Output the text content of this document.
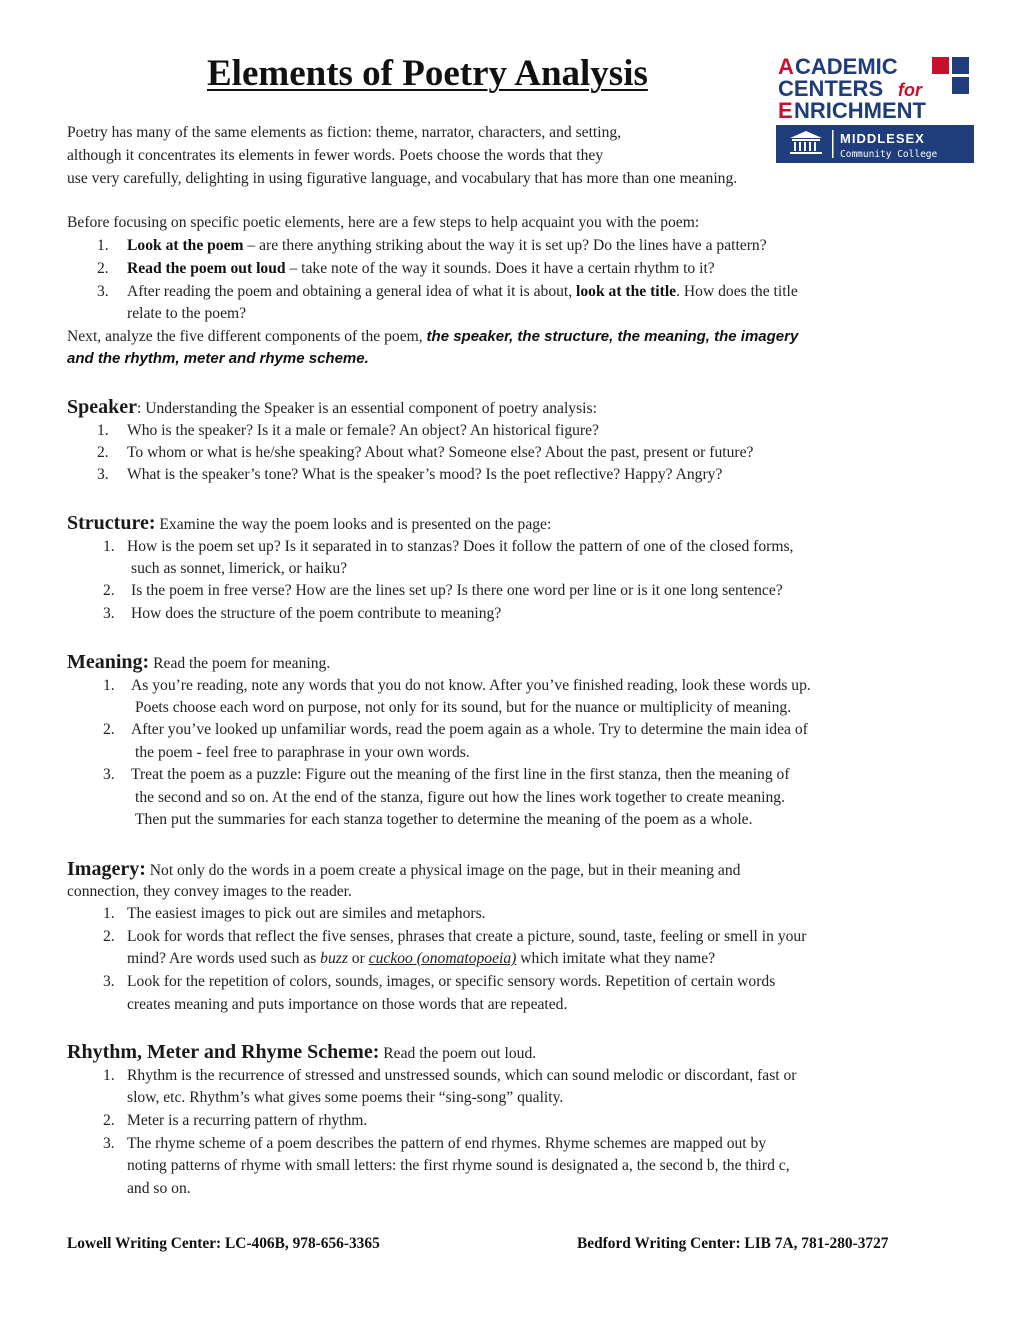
Elements of Poetry Analysis	A CADEMIC
CENTERS for
E NRICHMENT
MIDDLESEX
Community College
Poetry has many of the same elements as fiction: theme, narrator, characters, and setting,
although it concentrates its elements in fewer words. Poets choose the words that they
use very carefully, delighting in using figurative language, and vocabulary that has more than one meaning.
Before focusing on specific poetic elements, here are a few steps to help acquaint you with the poem:
1. Look at the poem – are there anything striking about the way it is set up? Do the lines have a pattern?
2. Read the poem out loud – take note of the way it sounds. Does it have a certain rhythm to it?
3. After reading the poem and obtaining a general idea of what it is about, look at the title. How does the title
relate to the poem?
Next, analyze the five different components of the poem, the speaker, the structure, the meaning, the imagery
and the rhythm, meter and rhyme scheme.
Speaker: Understanding the Speaker is an essential component of poetry analysis:
1. Who is the speaker? Is it a male or female? An object? An historical figure?
2. To whom or what is he/she speaking? About what? Someone else? About the past, present or future?
3. What is the speaker’s tone? What is the speaker’s mood? Is the poet reflective? Happy? Angry?
Structure: Examine the way the poem looks and is presented on the page:
1. How is the poem set up? Is it separated in to stanzas? Does it follow the pattern of one of the closed forms,
such as sonnet, limerick, or haiku?
2. Is the poem in free verse? How are the lines set up? Is there one word per line or is it one long sentence?
3. How does the structure of the poem contribute to meaning?
Meaning: Read the poem for meaning.
1. As you’re reading, note any words that you do not know. After you’ve finished reading, look these words up.
Poets choose each word on purpose, not only for its sound, but for the nuance or multiplicity of meaning.
2. After you’ve looked up unfamiliar words, read the poem again as a whole. Try to determine the main idea of
the poem - feel free to paraphrase in your own words.
3. Treat the poem as a puzzle: Figure out the meaning of the first line in the first stanza, then the meaning of
the second and so on. At the end of the stanza, figure out how the lines work together to create meaning.
Then put the summaries for each stanza together to determine the meaning of the poem as a whole.
Imagery: Not only do the words in a poem create a physical image on the page, but in their meaning and
connection, they convey images to the reader.
1. The easiest images to pick out are similes and metaphors.
2. Look for words that reflect the five senses, phrases that create a picture, sound, taste, feeling or smell in your
mind? Are words used such as buzz or cuckoo (onomatopoeia) which imitate what they name?
3. Look for the repetition of colors, sounds, images, or specific sensory words. Repetition of certain words
creates meaning and puts importance on those words that are repeated.
Rhythm, Meter and Rhyme Scheme: Read the poem out loud.
1. Rhythm is the recurrence of stressed and unstressed sounds, which can sound melodic or discordant, fast or
slow, etc. Rhythm’s what gives some poems their “sing-song” quality.
2. Meter is a recurring pattern of rhythm.
3. The rhyme scheme of a poem describes the pattern of end rhymes. Rhyme schemes are mapped out by
noting patterns of rhyme with small letters: the first rhyme sound is designated a, the second b, the third c,
and so on.
Lowell Writing Center: LC-406B, 978-656-3365	Bedford Writing Center: LIB 7A, 781-280-3727
